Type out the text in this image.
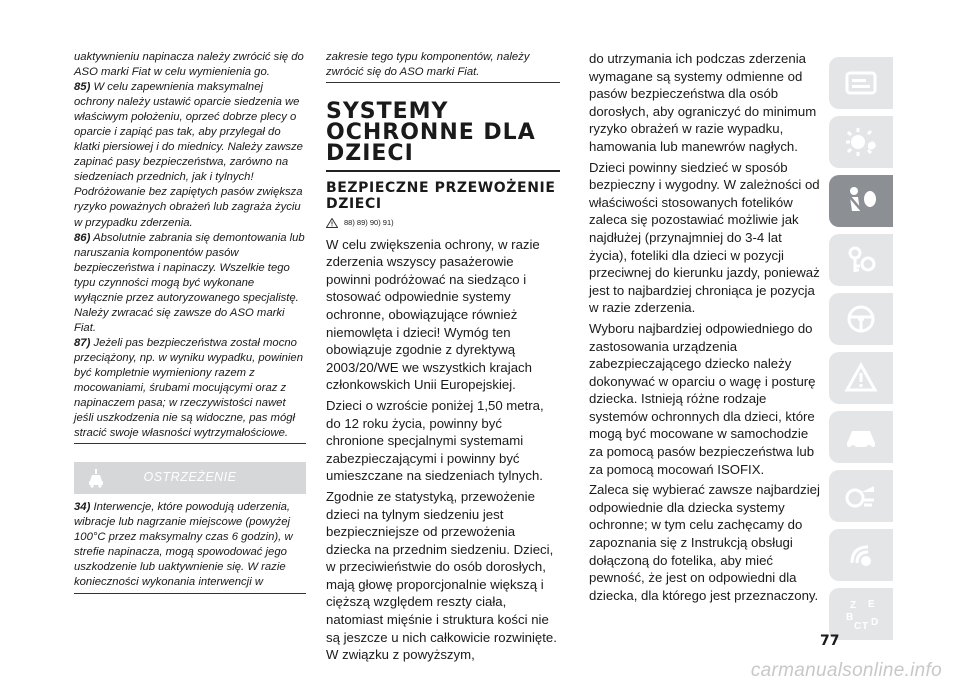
uaktywnieniu napinacza należy zwrócić się do ASO marki Fiat w celu wymienienia go.

85) W celu zapewnienia maksymalnej ochrony należy ustawić oparcie siedzenia we właściwym położeniu, oprzeć dobrze plecy o oparcie i zapiąć pas tak, aby przylegał do klatki piersiowej i do miednicy. Należy zawsze zapinać pasy bezpieczeństwa, zarówno na siedzeniach przednich, jak i tylnych! Podróżowanie bez zapiętych pasów zwiększa ryzyko poważnych obrażeń lub zagraża życiu w przypadku zderzenia.

86) Absolutnie zabrania się demontowania lub naruszania komponentów pasów bezpieczeństwa i napinaczy. Wszelkie tego typu czynności mogą być wykonane wyłącznie przez autoryzowanego specjalistę. Należy zwracać się zawsze do ASO marki Fiat.

87) Jeżeli pas bezpieczeństwa został mocno przeciążony, np. w wyniku wypadku, powinien być kompletnie wymieniony razem z mocowaniami, śrubami mocującymi oraz z napinaczem pasa; w rzeczywistości nawet jeśli uszkodzenia nie są widoczne, pas mógł stracić swoje własności wytrzymałościowe.

OSTRZEŻENIE

34) Interwencje, które powodują uderzenia, wibracje lub nagrzanie miejscowe (powyżej 100°C przez maksymalny czas 6 godzin), w strefie napinacza, mogą spowodować jego uszkodzenie lub uaktywnienie się. W razie konieczności wykonania interwencji w

zakresie tego typu komponentów, należy zwrócić się do ASO marki Fiat.

SYSTEMY OCHRONNE DLA DZIECI
BEZPIECZNE PRZEWOŻENIE DZIECI
88) 89) 90) 91)

W celu zwiększenia ochrony, w razie zderzenia wszyscy pasażerowie powinni podróżować na siedząco i stosować odpowiednie systemy ochronne, obowiązujące również niemowlęta i dzieci! Wymóg ten obowiązuje zgodnie z dyrektywą 2003/20/WE we wszystkich krajach członkowskich Unii Europejskiej.

Dzieci o wzroście poniżej 1,50 metra, do 12 roku życia, powinny być chronione specjalnymi systemami zabezpieczającymi i powinny być umieszczane na siedzeniach tylnych.

Zgodnie ze statystyką, przewożenie dzieci na tylnym siedzeniu jest bezpieczniejsze od przewożenia dziecka na przednim siedzeniu. Dzieci, w przeciwieństwie do osób dorosłych, mają głowę proporcjonalnie większą i cięższą względem reszty ciała, natomiast mięśnie i struktura kości nie są jeszcze u nich całkowicie rozwinięte. W związku z powyższym,

do utrzymania ich podczas zderzenia wymagane są systemy odmienne od pasów bezpieczeństwa dla osób dorosłych, aby ograniczyć do minimum ryzyko obrażeń w razie wypadku, hamowania lub manewrów nagłych.

Dzieci powinny siedzieć w sposób bezpieczny i wygodny. W zależności od właściwości stosowanych fotelików zaleca się pozostawiać możliwie jak najdłużej (przynajmniej do 3-4 lat życia), foteliki dla dzieci w pozycji przeciwnej do kierunku jazdy, ponieważ jest to najbardziej chroniąca je pozycja w razie zderzenia.

Wyboru najbardziej odpowiedniego do zastosowania urządzenia zabezpieczającego dziecko należy dokonywać w oparciu o wagę i posturę dziecka. Istnieją różne rodzaje systemów ochronnych dla dzieci, które mogą być mocowane w samochodzie za pomocą pasów bezpieczeństwa lub za pomocą mocowań ISOFIX.

Zaleca się wybierać zawsze najbardziej odpowiednie dla dziecka systemy ochronne; w tym celu zachęcamy do zapoznania się z Instrukcją obsługi dołączoną do fotelika, aby mieć pewność, że jest on odpowiedni dla dziecka, dla którego jest przeznaczony.

Z E
B
C T D
77
carmanualsonline.info
